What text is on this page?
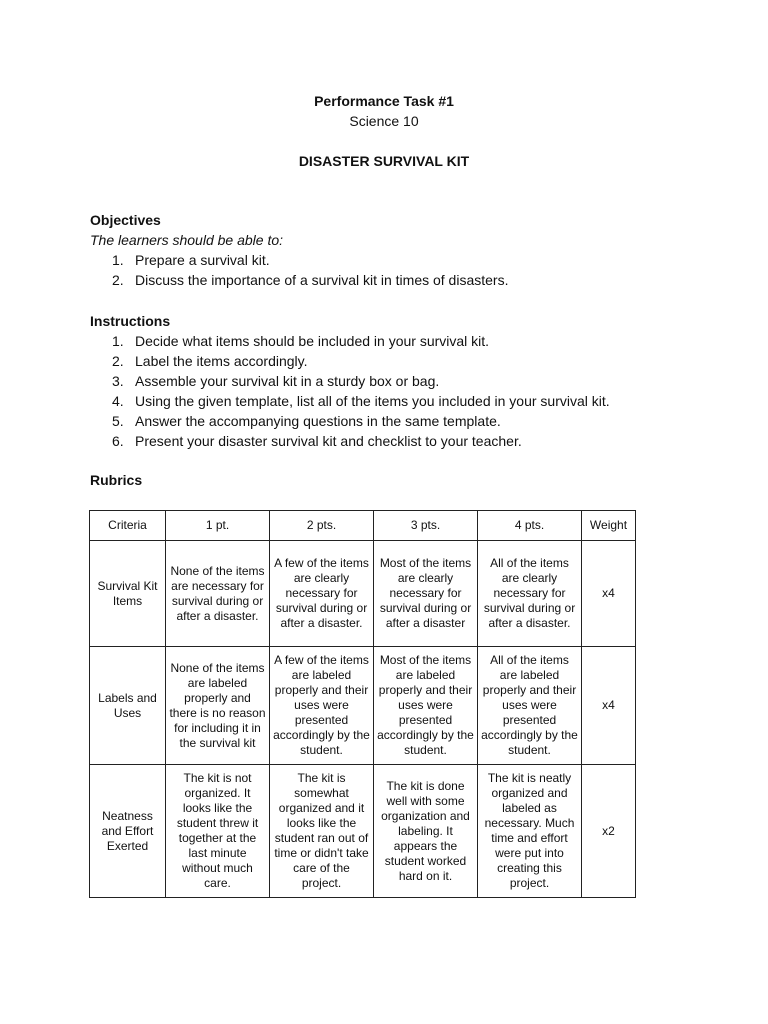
Performance Task #1
Science 10
DISASTER SURVIVAL KIT
Objectives
The learners should be able to:
1. Prepare a survival kit.
2. Discuss the importance of a survival kit in times of disasters.
Instructions
1. Decide what items should be included in your survival kit.
2. Label the items accordingly.
3. Assemble your survival kit in a sturdy box or bag.
4. Using the given template, list all of the items you included in your survival kit.
5. Answer the accompanying questions in the same template.
6. Present your disaster survival kit and checklist to your teacher.
Rubrics
Criteria	1 pt.	2 pts.	3 pts.	4 pts.	Weight
Survival Kit Items	None of the items are necessary for survival during or after a disaster.	A few of the items are clearly necessary for survival during or after a disaster.	Most of the items are clearly necessary for survival during or after a disaster	All of the items are clearly necessary for survival during or after a disaster.	x4
Labels and Uses	None of the items are labeled properly and there is no reason for including it in the survival kit	A few of the items are labeled properly and their uses were presented accordingly by the student.	Most of the items are labeled properly and their uses were presented accordingly by the student.	All of the items are labeled properly and their uses were presented accordingly by the student.	x4
Neatness and Effort Exerted	The kit is not organized. It looks like the student threw it together at the last minute without much care.	The kit is somewhat organized and it looks like the student ran out of time or didn't take care of the project.	The kit is done well with some organization and labeling. It appears the student worked hard on it.	The kit is neatly organized and labeled as necessary. Much time and effort were put into creating this project.	x2
